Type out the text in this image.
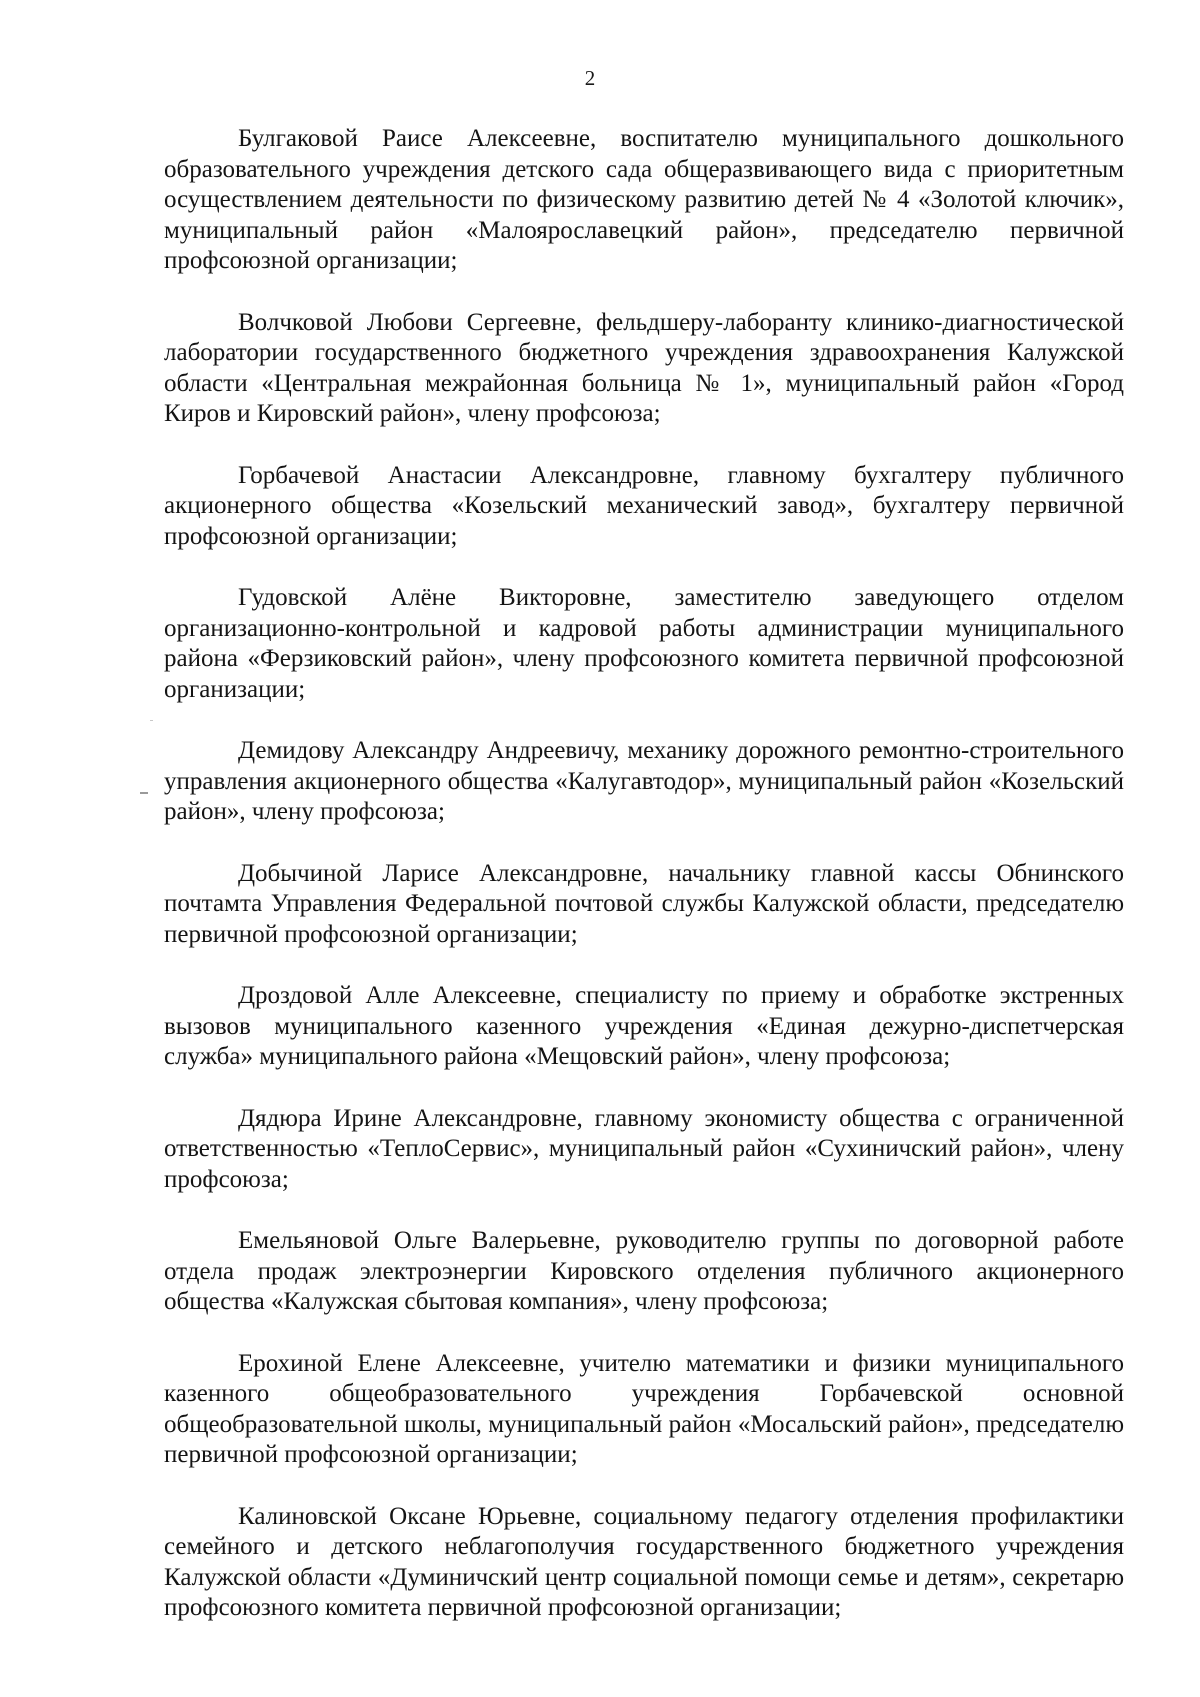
2

Булгаковой Раисе Алексеевне, воспитателю муниципального дошкольного образовательного учреждения детского сада общеразвивающего вида с приоритетным осуществлением деятельности по физическому развитию детей № 4 «Золотой ключик», муниципальный район «Малоярославецкий район», председателю первичной профсоюзной организации;

Волчковой Любови Сергеевне, фельдшеру-лаборанту клинико-диагностической лаборатории государственного бюджетного учреждения здравоохранения Калужской области «Центральная межрайонная больница № 1», муниципальный район «Город Киров и Кировский район», члену профсоюза;

Горбачевой Анастасии Александровне, главному бухгалтеру публичного акционерного общества «Козельский механический завод», бухгалтеру первичной профсоюзной организации;

Гудовской Алёне Викторовне, заместителю заведующего отделом организационно-контрольной и кадровой работы администрации муниципального района «Ферзиковский район», члену профсоюзного комитета первичной профсоюзной организации;

Демидову Александру Андреевичу, механику дорожного ремонтно-строительного управления акционерного общества «Калугавтодор», муниципальный район «Козельский район», члену профсоюза;

Добычиной Ларисе Александровне, начальнику главной кассы Обнинского почтамта Управления Федеральной почтовой службы Калужской области, председателю первичной профсоюзной организации;

Дроздовой Алле Алексеевне, специалисту по приему и обработке экстренных вызовов муниципального казенного учреждения «Единая дежурно-диспетчерская служба» муниципального района «Мещовский район», члену профсоюза;

Дядюра Ирине Александровне, главному экономисту общества с ограниченной ответственностью «ТеплоСервис», муниципальный район «Сухиничский район», члену профсоюза;

Емельяновой Ольге Валерьевне, руководителю группы по договорной работе отдела продаж электроэнергии Кировского отделения публичного акционерного общества «Калужская сбытовая компания», члену профсоюза;

Ерохиной Елене Алексеевне, учителю математики и физики муниципального казенного общеобразовательного учреждения Горбачевской основной общеобразовательной школы, муниципальный район «Мосальский район», председателю первичной профсоюзной организации;

Калиновской Оксане Юрьевне, социальному педагогу отделения профилактики семейного и детского неблагополучия государственного бюджетного учреждения Калужской области «Думиничский центр социальной помощи семье и детям», секретарю профсоюзного комитета первичной профсоюзной организации;
